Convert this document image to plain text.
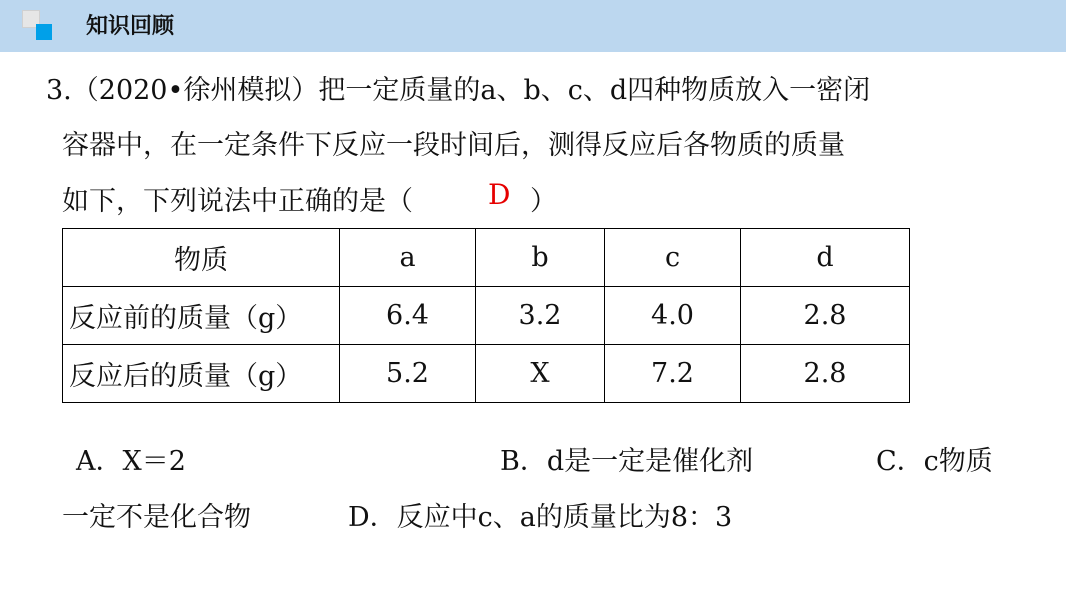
知识回顾
3.（2020•徐州模拟）把一定质量的a、b、c、d四种物质放入一密闭
容器中，在一定条件下反应一段时间后，测得反应后各物质的质量
如下，下列说法中正确的是（	D ）
物质	a	b	c	d
反应前的质量（g）	6.4	3.2	4.0	2.8
反应后的质量（g）	5.2	X	7.2	2.8
A．X＝2	B．d是一定是催化剂	C．c物质
一定不是化合物	D．反应中c、a的质量比为8：3
